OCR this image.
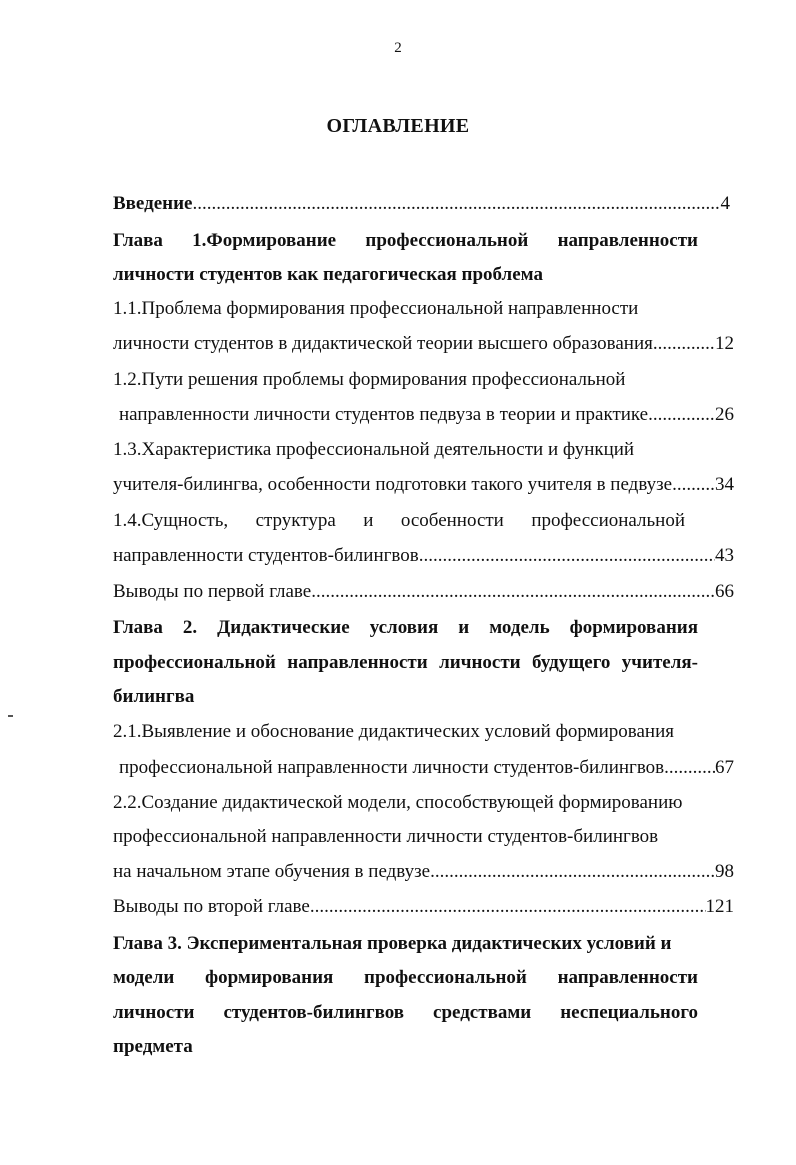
2
ОГЛАВЛЕНИЕ
Введение .....	4
Глава 1.Формирование профессиональной направленности
личности студентов как педагогическая проблема
1.1.Проблема формирования профессиональной направленности
личности студентов в дидактической теории высшего образования .....	12
1.2.Пути решения проблемы формирования профессиональной
направленности личности студентов педвуза в теории и практике .....	26
1.3.Характеристика профессиональной деятельности и функций
учителя-билингва, особенности подготовки такого учителя в педвузе ..... 34
1.4.Сущность, структура и особенности профессиональной
направленности студентов-билингвов .....	43
Выводы по первой главе .....	66
Глава 2. Дидактические условия и модель формирования
профессиональной направленности личности будущего учителя-
билингва
2.1.Выявление и обоснование дидактических условий формирования
профессиональной направленности личности студентов-билингвов .....	67
2.2.Создание дидактической модели, способствующей формированию
профессиональной направленности личности студентов-билингвов
на начальном этапе обучения в педвузе .....	98
Выводы по второй главе .....	121
Глава 3. Экспериментальная проверка дидактических условий и
модели формирования профессиональной направленности
личности студентов-билингвов средствами неспециального
предмета
